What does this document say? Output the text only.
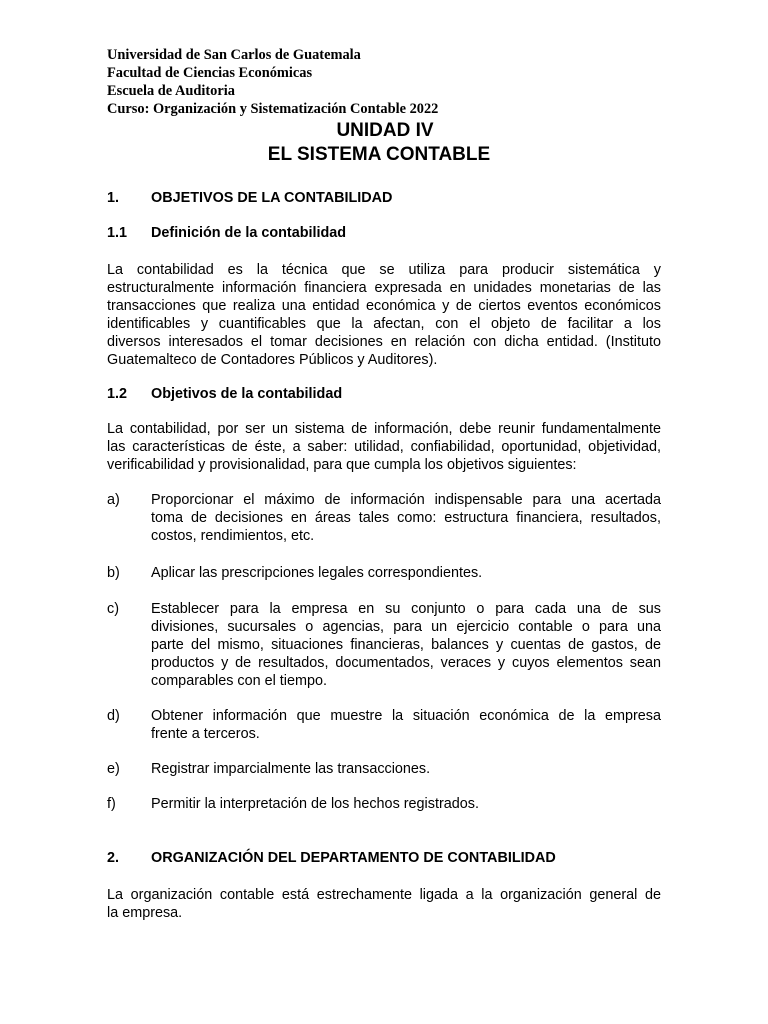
Universidad de San Carlos de Guatemala
Facultad de Ciencias Económicas
Escuela de Auditoria
Curso: Organización y Sistematización Contable 2022
UNIDAD IV
EL SISTEMA CONTABLE
1. OBJETIVOS DE LA CONTABILIDAD
1.1 Definición de la contabilidad
La contabilidad es la técnica que se utiliza para producir sistemática y
estructuralmente información financiera expresada en unidades monetarias de las
transacciones que realiza una entidad económica y de ciertos eventos económicos
identificables y cuantificables que la afectan, con el objeto de facilitar a los
diversos interesados el tomar decisiones en relación con dicha entidad. (Instituto
Guatemalteco de Contadores Públicos y Auditores).
1.2 Objetivos de la contabilidad
La contabilidad, por ser un sistema de información, debe reunir fundamentalmente
las características de éste, a saber: utilidad, confiabilidad, oportunidad, objetividad,
verificabilidad y provisionalidad, para que cumpla los objetivos siguientes:
a) Proporcionar el máximo de información indispensable para una acertada
toma de decisiones en áreas tales como: estructura financiera, resultados,
costos, rendimientos, etc.
b) Aplicar las prescripciones legales correspondientes.
c) Establecer para la empresa en su conjunto o para cada una de sus
divisiones, sucursales o agencias, para un ejercicio contable o para una
parte del mismo, situaciones financieras, balances y cuentas de gastos, de
productos y de resultados, documentados, veraces y cuyos elementos sean
comparables con el tiempo.
d) Obtener información que muestre la situación económica de la empresa
frente a terceros.
e) Registrar imparcialmente las transacciones.
f) Permitir la interpretación de los hechos registrados.
2. ORGANIZACIÓN DEL DEPARTAMENTO DE CONTABILIDAD
La organización contable está estrechamente ligada a la organización general de
la empresa.
